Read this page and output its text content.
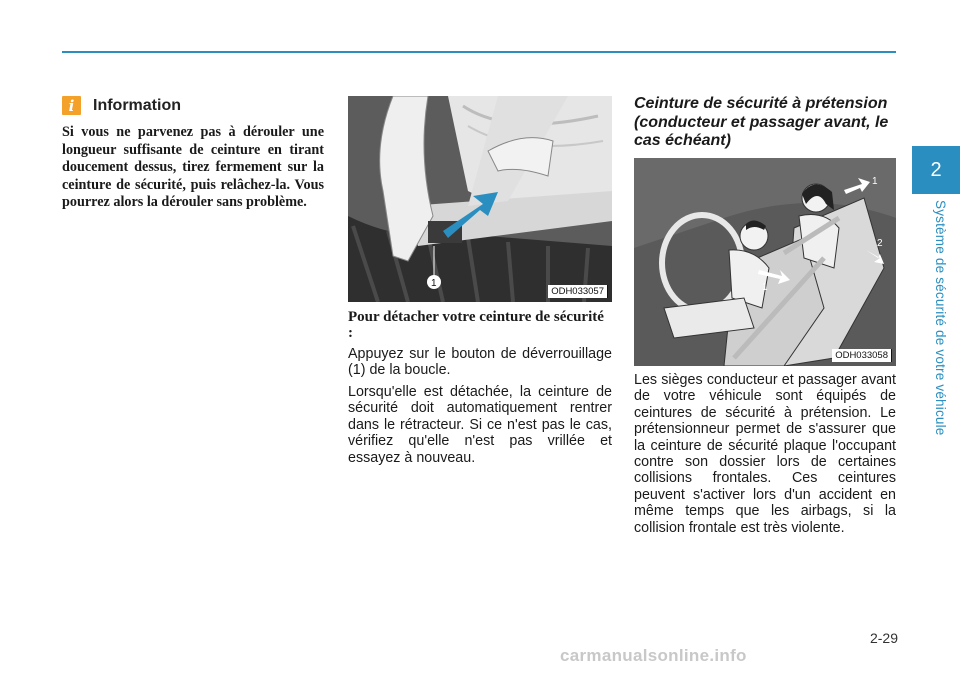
2
Système de sécurité de votre véhicule
i	Information

Si vous ne parvenez pas à dérouler une longueur suffisante de ceinture en tirant doucement dessus, tirez fermement sur la ceinture de sécurité, puis relâchez-la. Vous pourrez alors la dérouler sans problème.

1
ODH033057

Pour détacher votre ceinture de sécurité :

Appuyez sur le bouton de déverrouillage (1) de la boucle.

Lorsqu'elle est détachée, la ceinture de sécurité doit automatiquement rentrer dans le rétracteur. Si ce n'est pas le cas, vérifiez qu'elle n'est pas vrillée et essayez à nouveau.

Ceinture de sécurité à prétension (conducteur et passager avant, le cas échéant)

1
2
1
ODH033058

Les sièges conducteur et passager avant de votre véhicule sont équipés de ceintures de sécurité à prétension. Le prétensionneur permet de s'assurer que la ceinture de sécurité plaque l'occupant contre son dossier lors de certaines collisions frontales. Ces ceintures peuvent s'activer lors d'un accident en même temps que les airbags, si la collision frontale est très violente.

2-29
carmanualsonline.info
